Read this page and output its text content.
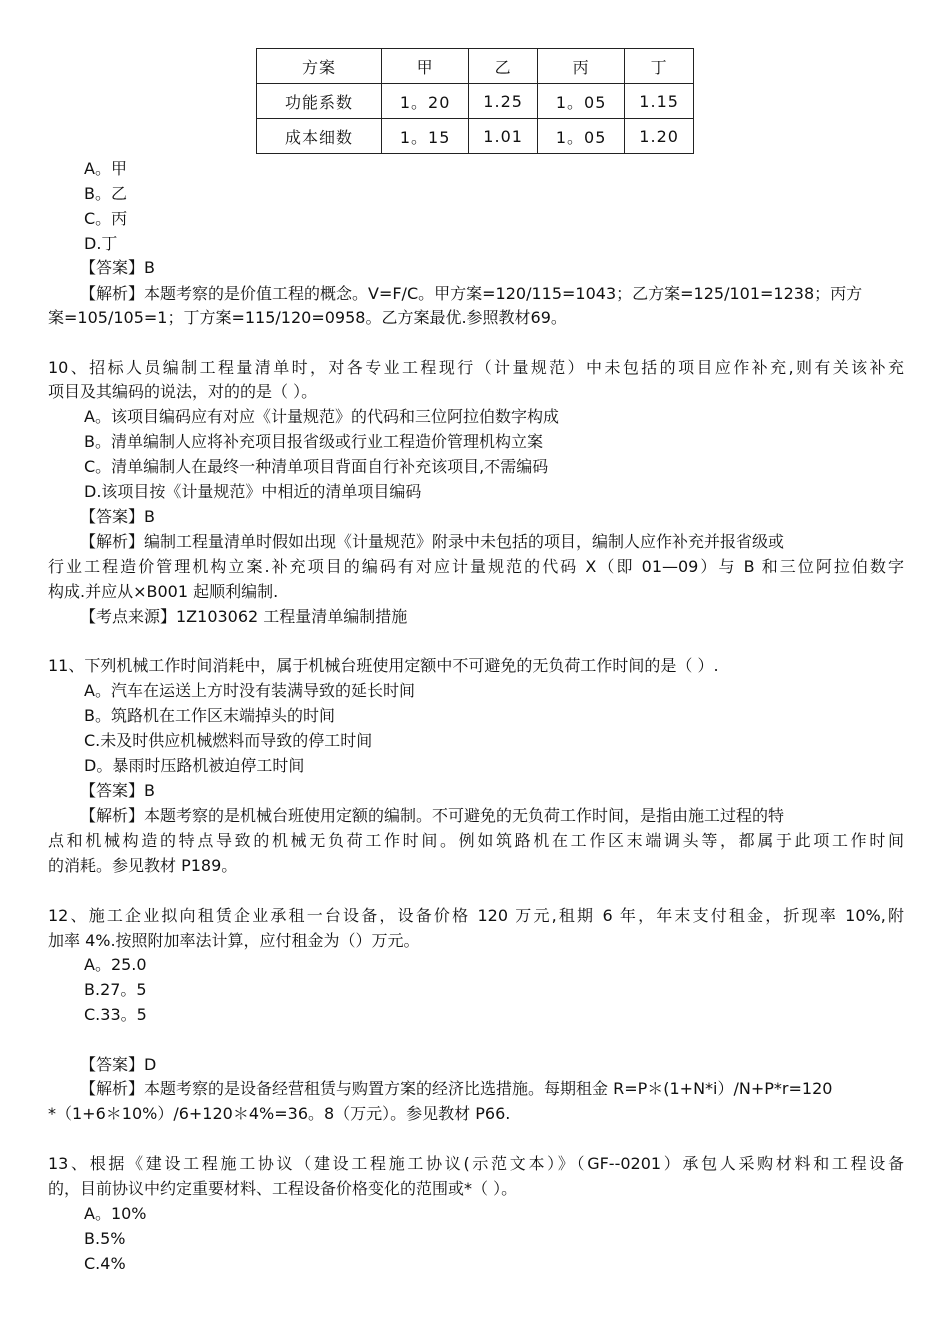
方案	甲	乙	丙	丁
功能系数	1。20	1.25	1。05	1.15
成本细数	1。15	1.01	1。05	1.20
A。甲
B。乙
C。丙
D.丁
【答案】B
【解析】本题考察的是价值工程的概念。V=F/C。甲方案=120/115=1043；乙方案=125/101=1238；丙方
案=105/105=1；丁方案=115/120=0958。乙方案最优.参照教材69。
10、招标人员编制工程量清单时，对各专业工程现行（计量规范）中未包括的项目应作补充,则有关该补充
项目及其编码的说法，对的的是（ ）。
A。该项目编码应有对应《计量规范》的代码和三位阿拉伯数字构成
B。清单编制人应将补充项目报省级或行业工程造价管理机构立案
C。清单编制人在最终一种清单项目背面自行补充该项目,不需编码
D.该项目按《计量规范》中相近的清单项目编码
【答案】B
【解析】编制工程量清单时假如出现《计量规范》附录中未包括的项目，编制人应作补充并报省级或
行业工程造价管理机构立案.补充项目的编码有对应计量规范的代码 X（即 01—09）与 B 和三位阿拉伯数字
构成.并应从×B001 起顺利编制.
【考点来源】1Z103062 工程量清单编制措施
11、下列机械工作时间消耗中，属于机械台班使用定额中不可避免的无负荷工作时间的是（ ）.
A。汽车在运送上方时没有装满导致的延长时间
B。筑路机在工作区末端掉头的时间
C.未及时供应机械燃料而导致的停工时间
D。暴雨时压路机被迫停工时间
【答案】B
【解析】本题考察的是机械台班使用定额的编制。不可避免的无负荷工作时间，是指由施工过程的特
点和机械构造的特点导致的机械无负荷工作时间。例如筑路机在工作区末端调头等，都属于此项工作时间
的消耗。参见教材 P189。
12、施工企业拟向租赁企业承租一台设备，设备价格 120 万元,租期 6 年，年末支付租金，折现率 10%,附
加率 4%.按照附加率法计算，应付租金为（）万元。
A。25.0
B.27。5
C.33。5
【答案】D
【解析】本题考察的是设备经营租赁与购置方案的经济比选措施。每期租金 R=P＊(1+N*i）/N+P*r=120
*（1+6＊10%）/6+120＊4%=36。8（万元）。参见教材 P66.
13、根据《建设工程施工协议（建设工程施工协议(示范文本）》（GF--0201）承包人采购材料和工程设备
的，目前协议中约定重要材料、工程设备价格变化的范围或*（ ）。
A。10%
B.5%
C.4%
